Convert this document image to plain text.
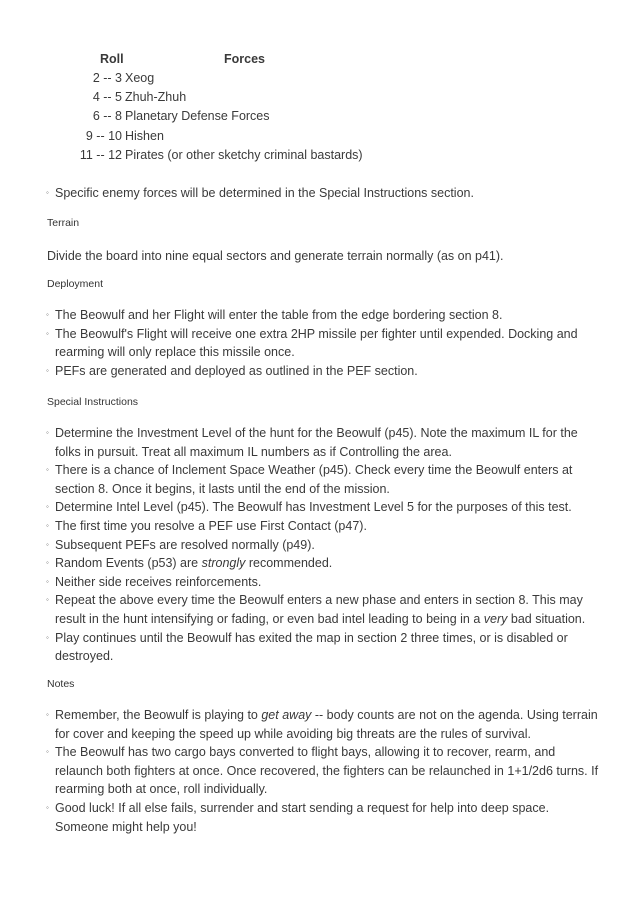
Roll	Forces
2 -- 3 Xeog
4 -- 5 Zhuh-Zhuh
6 -- 8 Planetary Defense Forces
9 -- 10 Hishen
11 -- 12 Pirates (or other sketchy criminal bastards)
◦ Specific enemy forces will be determined in the Special Instructions section.

Terrain

Divide the board into nine equal sectors and generate terrain normally (as on p41).

Deployment

◦ The Beowulf and her Flight will enter the table from the edge bordering section 8.
◦ The Beowulf's Flight will receive one extra 2HP missile per fighter until expended. Docking and rearming will only replace this missile once.
◦ PEFs are generated and deployed as outlined in the PEF section.

Special Instructions

◦ Determine the Investment Level of the hunt for the Beowulf (p45). Note the maximum IL for the folks in pursuit. Treat all maximum IL numbers as if Controlling the area.
◦ There is a chance of Inclement Space Weather (p45). Check every time the Beowulf enters at section 8. Once it begins, it lasts until the end of the mission.
◦ Determine Intel Level (p45). The Beowulf has Investment Level 5 for the purposes of this test.
◦ The first time you resolve a PEF use First Contact (p47).
◦ Subsequent PEFs are resolved normally (p49).
◦ Random Events (p53) are strongly recommended.
◦ Neither side receives reinforcements.
◦ Repeat the above every time the Beowulf enters a new phase and enters in section 8. This may result in the hunt intensifying or fading, or even bad intel leading to being in a very bad situation.
◦ Play continues until the Beowulf has exited the map in section 2 three times, or is disabled or destroyed.

Notes

◦ Remember, the Beowulf is playing to get away -- body counts are not on the agenda. Using terrain for cover and keeping the speed up while avoiding big threats are the rules of survival.
◦ The Beowulf has two cargo bays converted to flight bays, allowing it to recover, rearm, and relaunch both fighters at once. Once recovered, the fighters can be relaunched in 1+1/2d6 turns. If rearming both at once, roll individually.
◦ Good luck! If all else fails, surrender and start sending a request for help into deep space. Someone might help you!
